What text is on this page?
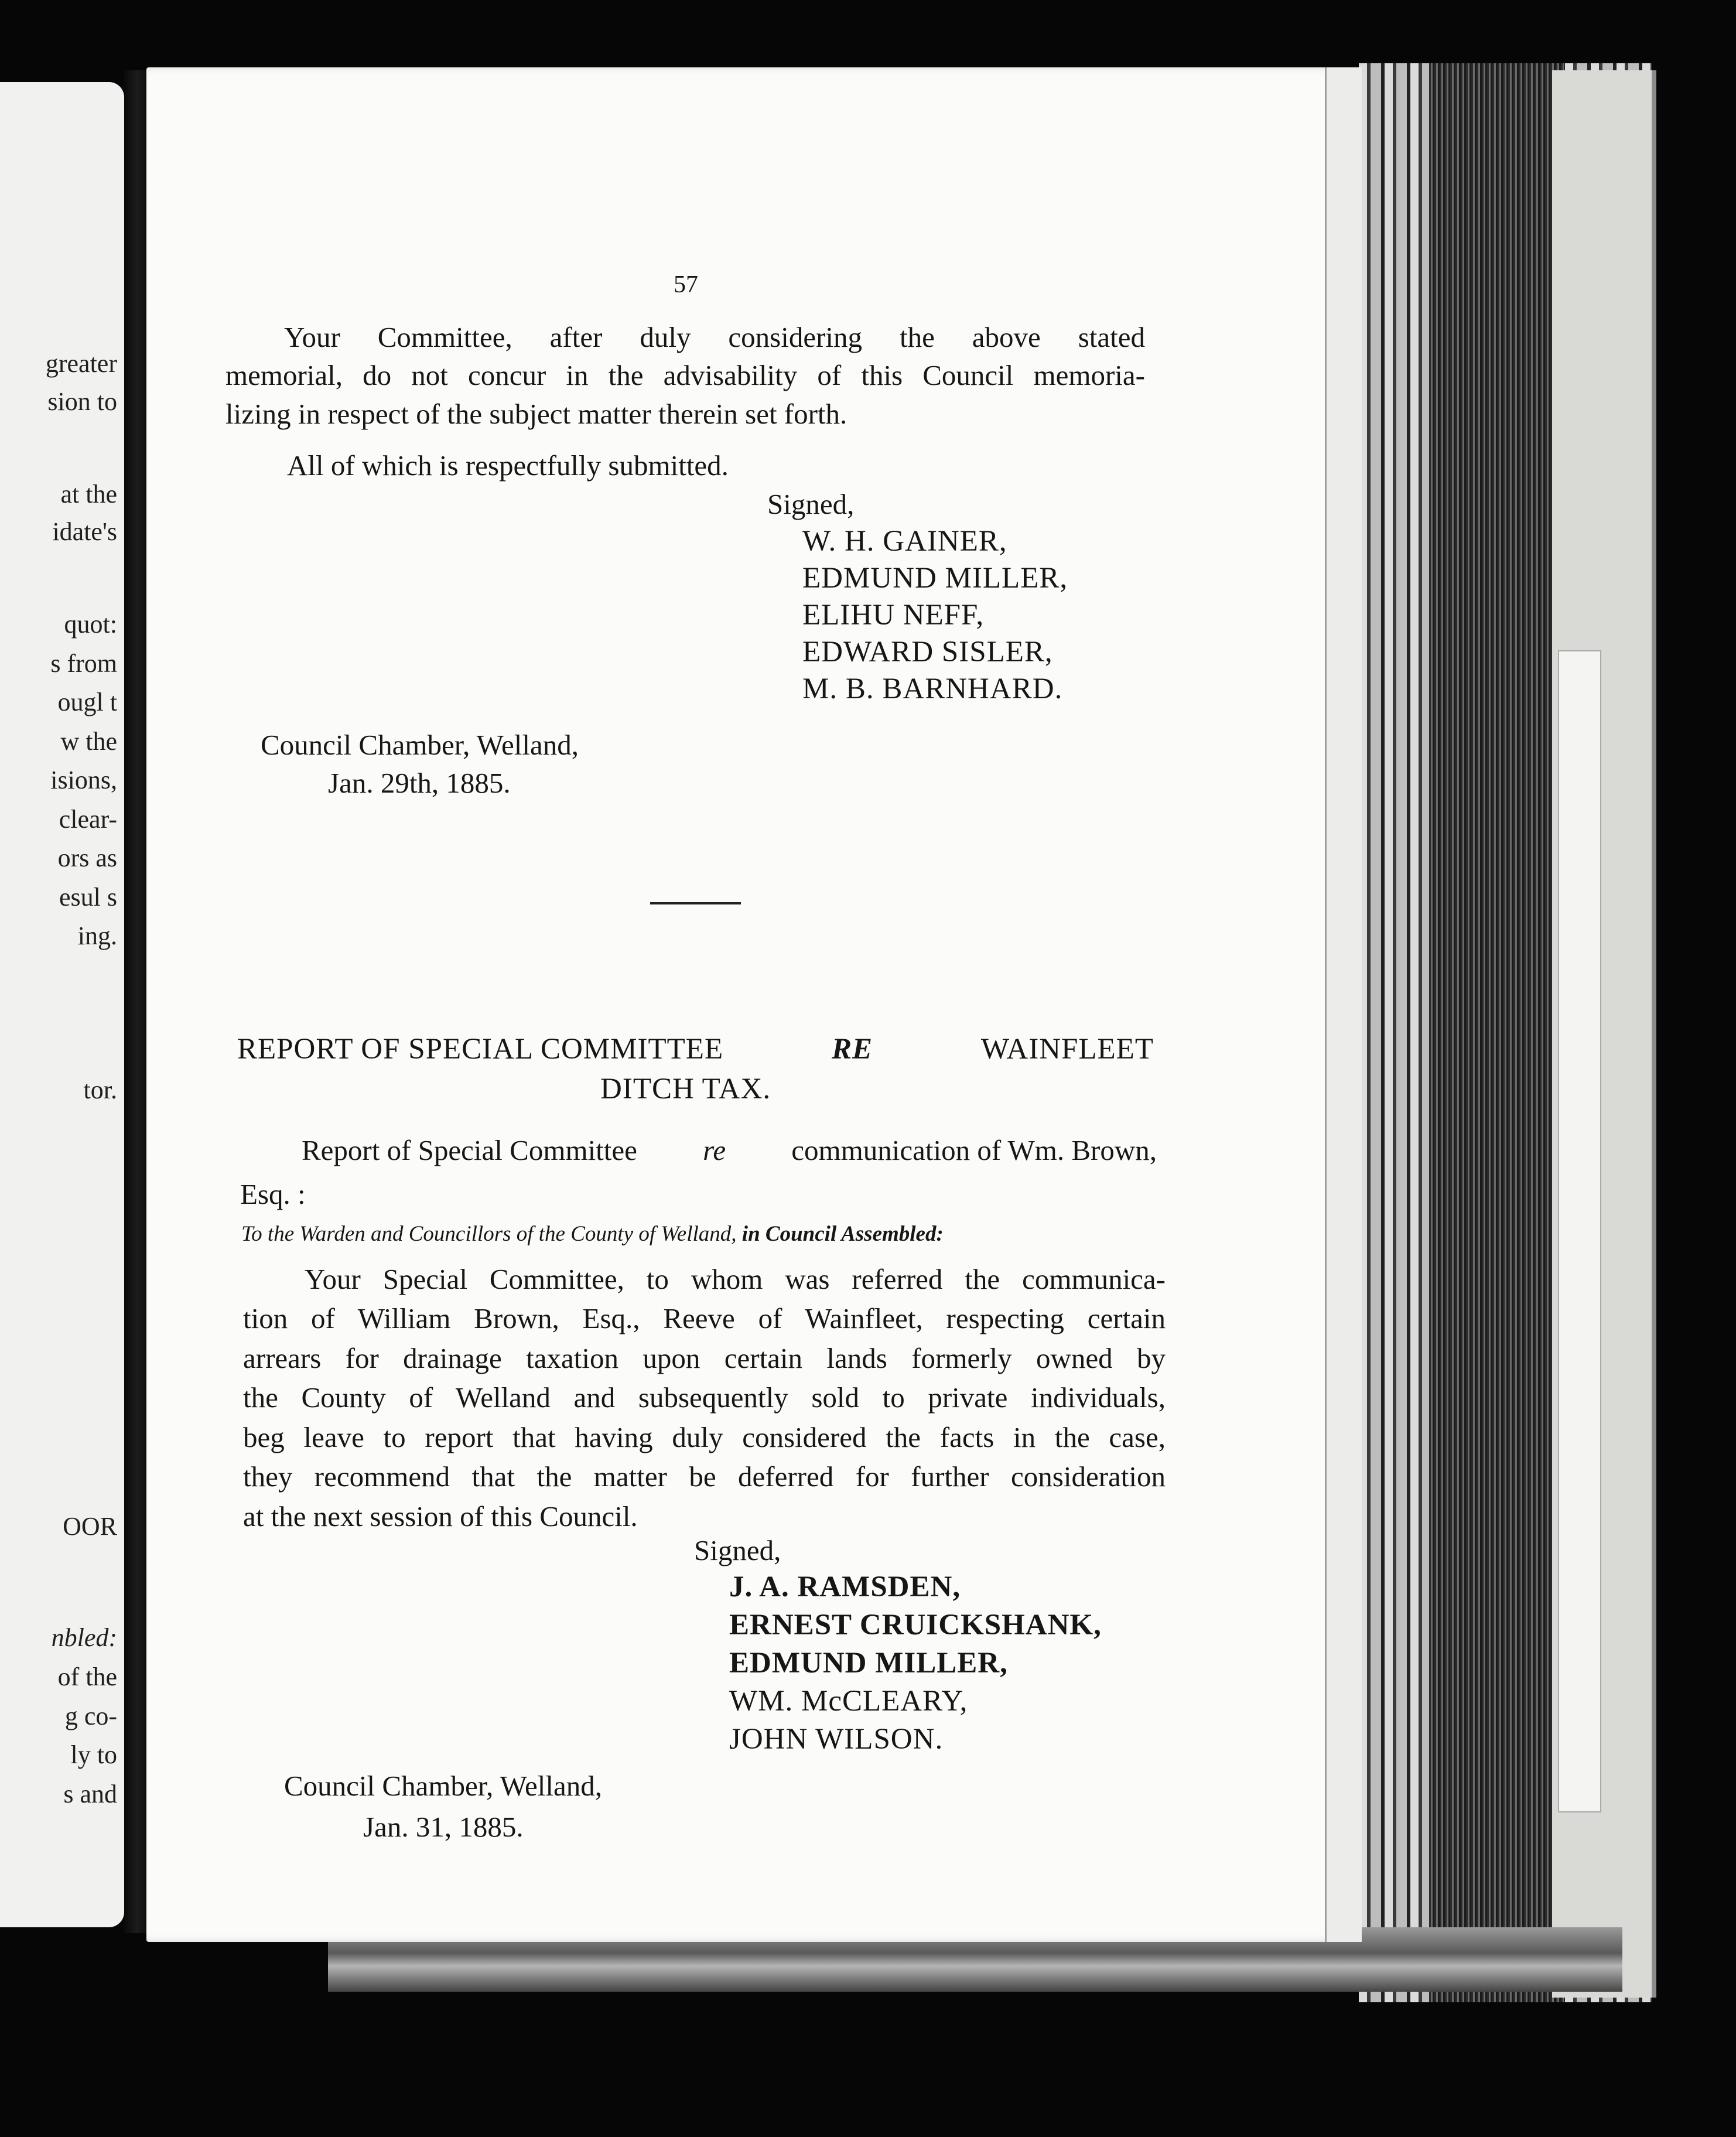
greater
sion to
at the
idate's
quot:
s from
ougl t
w the
isions,
clear-
ors as
esul s
ing.
tor.
OOR
nbled:
of the
g co-
ly to
s and
57
Your Committee, after duly considering the above stated
memorial, do not concur in the advisability of this Council memoria-
lizing in respect of the subject matter therein set forth.
All of which is respectfully submitted.
Signed,
W. H. GAINER,
EDMUND MILLER,
ELIHU NEFF,
EDWARD SISLER,
M. B. BARNHARD.
Council Chamber, Welland,
Jan. 29th, 1885.
REPORT OF SPECIAL COMMITTEE	RE	WAINFLEET
DITCH TAX.
Report of Special Committee re communication of Wm. Brown,
Esq. :
To the Warden and Councillors of the County of Welland, in Council Assembled:
Your Special Committee, to whom was referred the communica-
tion of William Brown, Esq., Reeve of Wainfleet, respecting certain
arrears for drainage taxation upon certain lands formerly owned by
the County of Welland and subsequently sold to private individuals,
beg leave to report that having duly considered the facts in the case,
they recommend that the matter be deferred for further consideration
at the next session of this Council.
Signed,
J. A. RAMSDEN,
ERNEST CRUICKSHANK,
EDMUND MILLER,
WM. McCLEARY,
JOHN WILSON.
Council Chamber, Welland,
Jan. 31, 1885.
